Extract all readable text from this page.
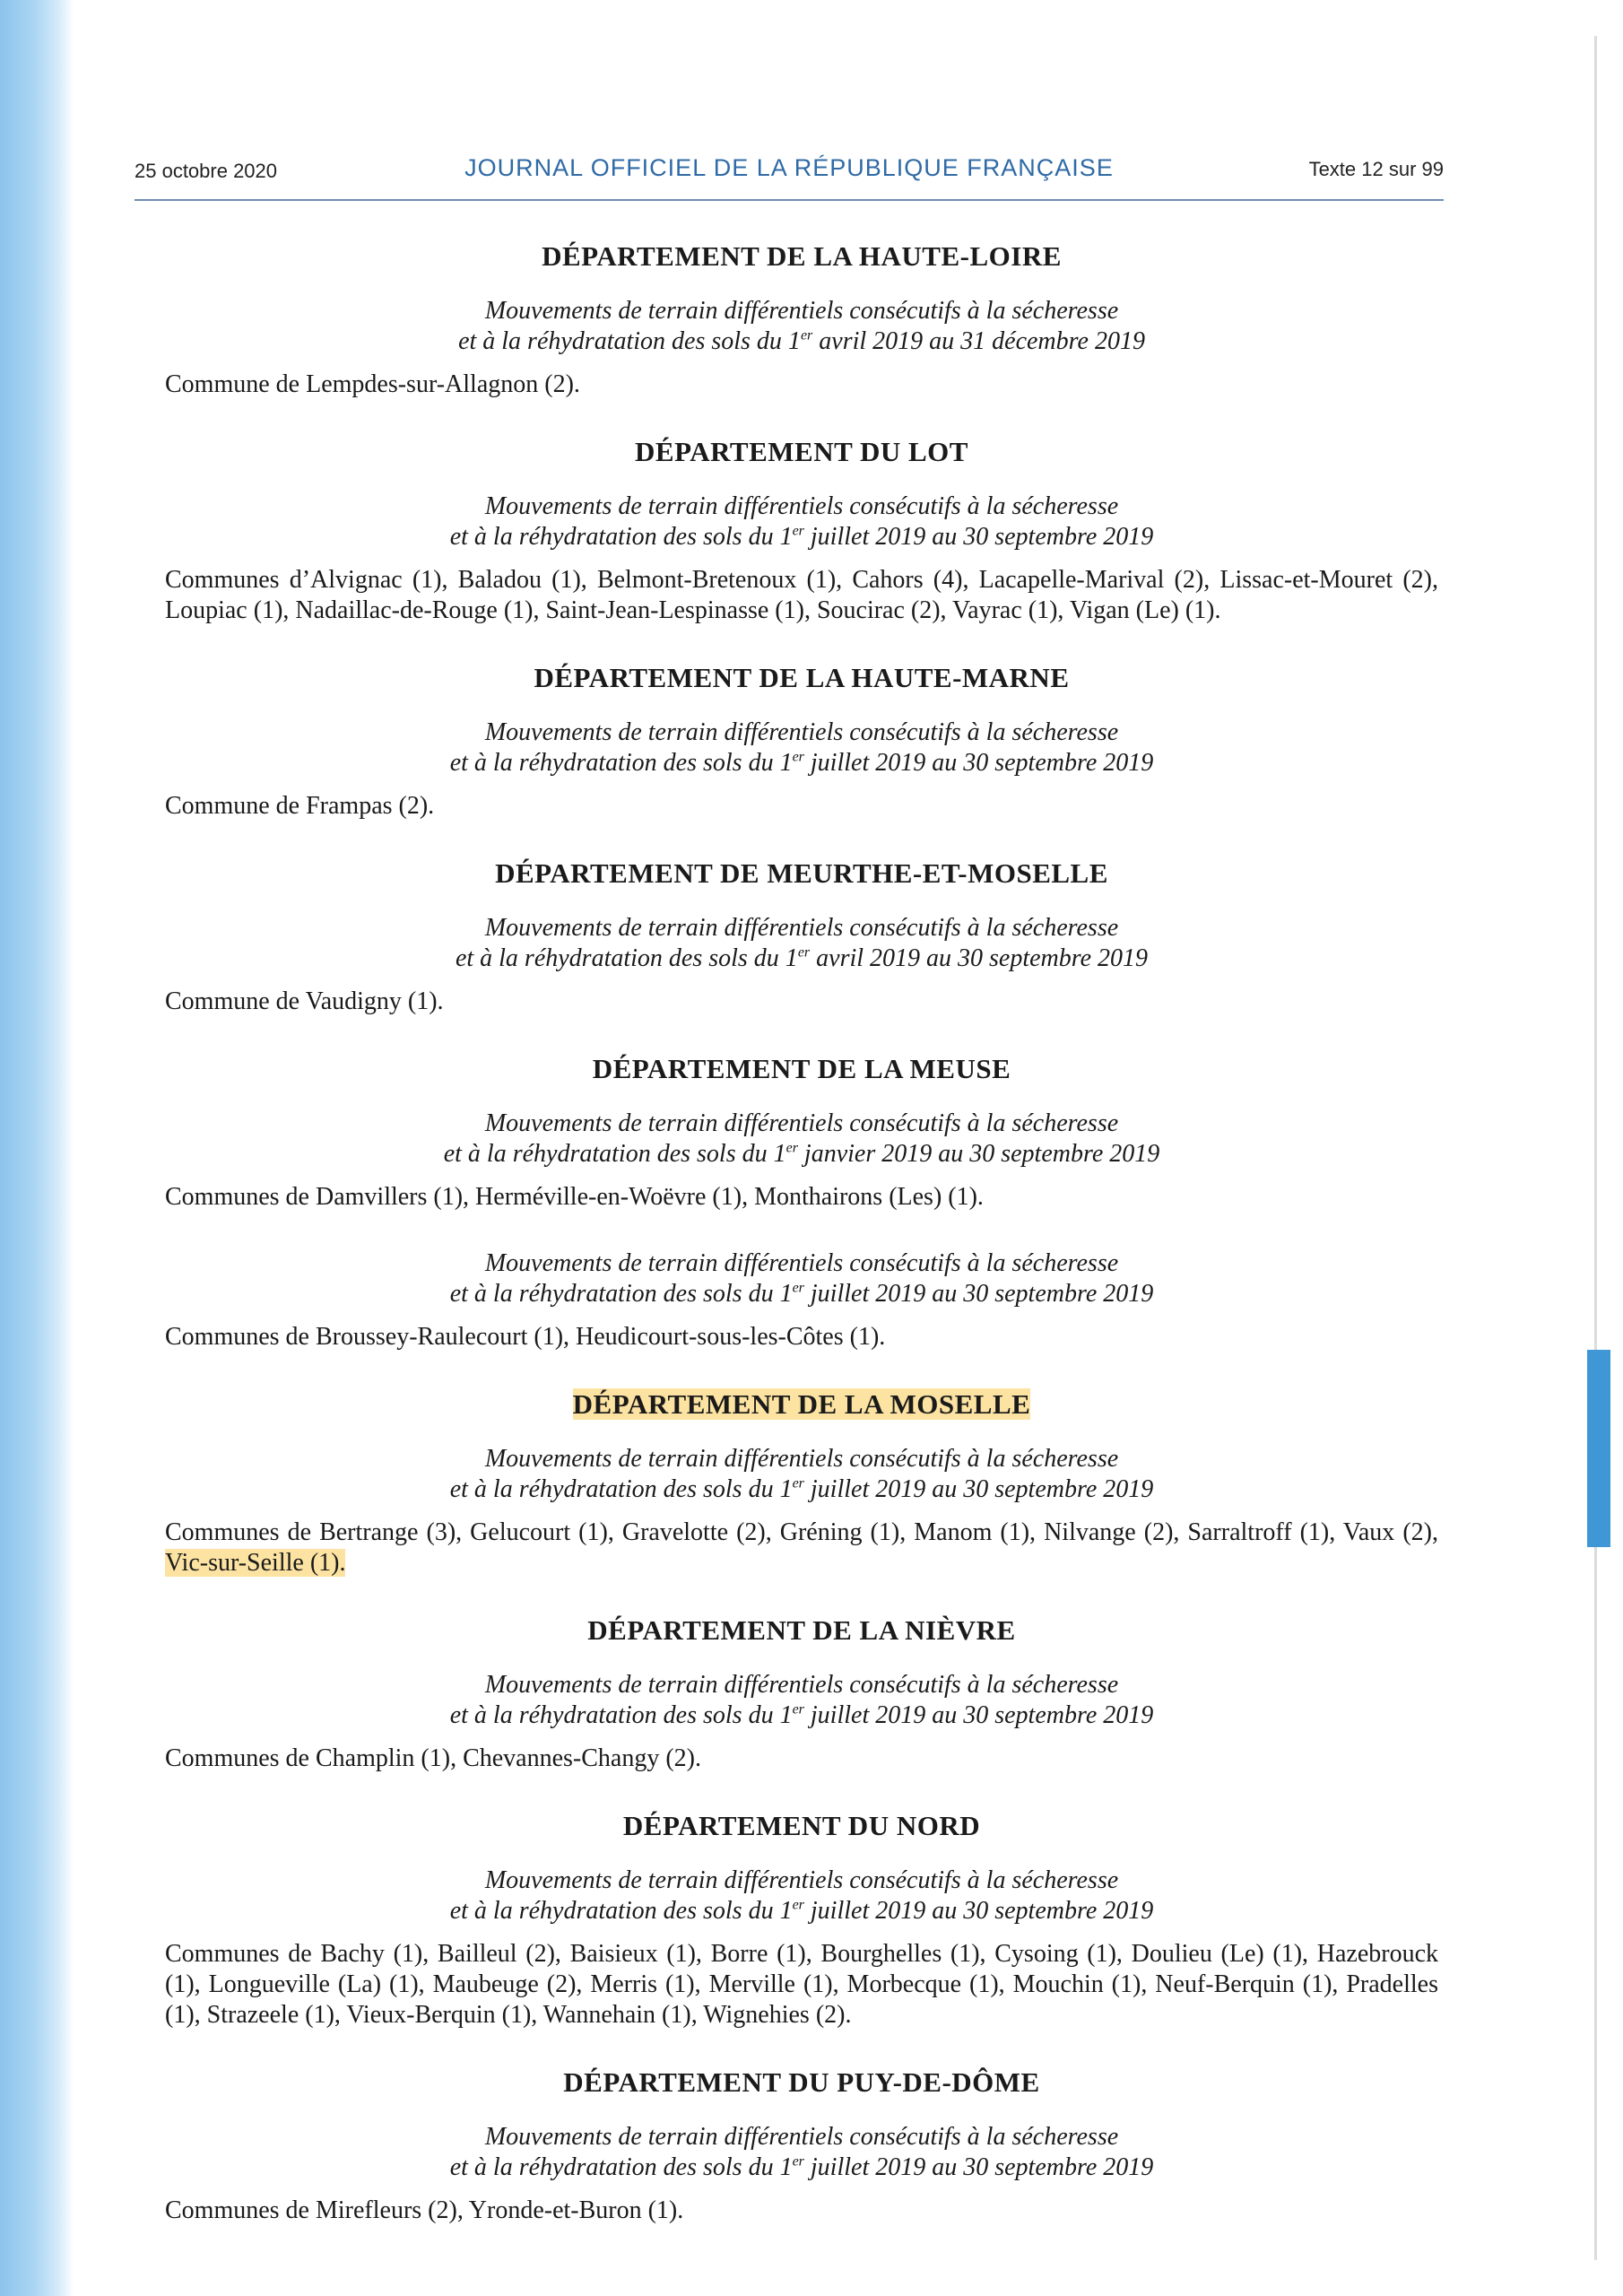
25 octobre 2020	JOURNAL OFFICIEL DE LA RÉPUBLIQUE FRANÇAISE	Texte 12 sur 99
DÉPARTEMENT DE LA HAUTE-LOIRE
Mouvements de terrain différentiels consécutifs à la sécheresse
et à la réhydratation des sols du 1er avril 2019 au 31 décembre 2019

Commune de Lempdes-sur-Allagnon (2).

DÉPARTEMENT DU LOT
Mouvements de terrain différentiels consécutifs à la sécheresse
et à la réhydratation des sols du 1er juillet 2019 au 30 septembre 2019

Communes d’Alvignac (1), Baladou (1), Belmont-Bretenoux (1), Cahors (4), Lacapelle-Marival (2), Lissac-et-Mouret (2), Loupiac (1), Nadaillac-de-Rouge (1), Saint-Jean-Lespinasse (1), Soucirac (2), Vayrac (1), Vigan (Le) (1).

DÉPARTEMENT DE LA HAUTE-MARNE
Mouvements de terrain différentiels consécutifs à la sécheresse
et à la réhydratation des sols du 1er juillet 2019 au 30 septembre 2019

Commune de Frampas (2).

DÉPARTEMENT DE MEURTHE-ET-MOSELLE
Mouvements de terrain différentiels consécutifs à la sécheresse
et à la réhydratation des sols du 1er avril 2019 au 30 septembre 2019

Commune de Vaudigny (1).

DÉPARTEMENT DE LA MEUSE
Mouvements de terrain différentiels consécutifs à la sécheresse
et à la réhydratation des sols du 1er janvier 2019 au 30 septembre 2019

Communes de Damvillers (1), Herméville-en-Woëvre (1), Monthairons (Les) (1).

Mouvements de terrain différentiels consécutifs à la sécheresse
et à la réhydratation des sols du 1er juillet 2019 au 30 septembre 2019

Communes de Broussey-Raulecourt (1), Heudicourt-sous-les-Côtes (1).

DÉPARTEMENT DE LA MOSELLE
Mouvements de terrain différentiels consécutifs à la sécheresse
et à la réhydratation des sols du 1er juillet 2019 au 30 septembre 2019

Communes de Bertrange (3), Gelucourt (1), Gravelotte (2), Gréning (1), Manom (1), Nilvange (2), Sarraltroff (1), Vaux (2), Vic-sur-Seille (1).

DÉPARTEMENT DE LA NIÈVRE
Mouvements de terrain différentiels consécutifs à la sécheresse
et à la réhydratation des sols du 1er juillet 2019 au 30 septembre 2019

Communes de Champlin (1), Chevannes-Changy (2).

DÉPARTEMENT DU NORD
Mouvements de terrain différentiels consécutifs à la sécheresse
et à la réhydratation des sols du 1er juillet 2019 au 30 septembre 2019

Communes de Bachy (1), Bailleul (2), Baisieux (1), Borre (1), Bourghelles (1), Cysoing (1), Doulieu (Le) (1), Hazebrouck (1), Longueville (La) (1), Maubeuge (2), Merris (1), Merville (1), Morbecque (1), Mouchin (1), Neuf-Berquin (1), Pradelles (1), Strazeele (1), Vieux-Berquin (1), Wannehain (1), Wignehies (2).

DÉPARTEMENT DU PUY-DE-DÔME
Mouvements de terrain différentiels consécutifs à la sécheresse
et à la réhydratation des sols du 1er juillet 2019 au 30 septembre 2019

Communes de Mirefleurs (2), Yronde-et-Buron (1).
